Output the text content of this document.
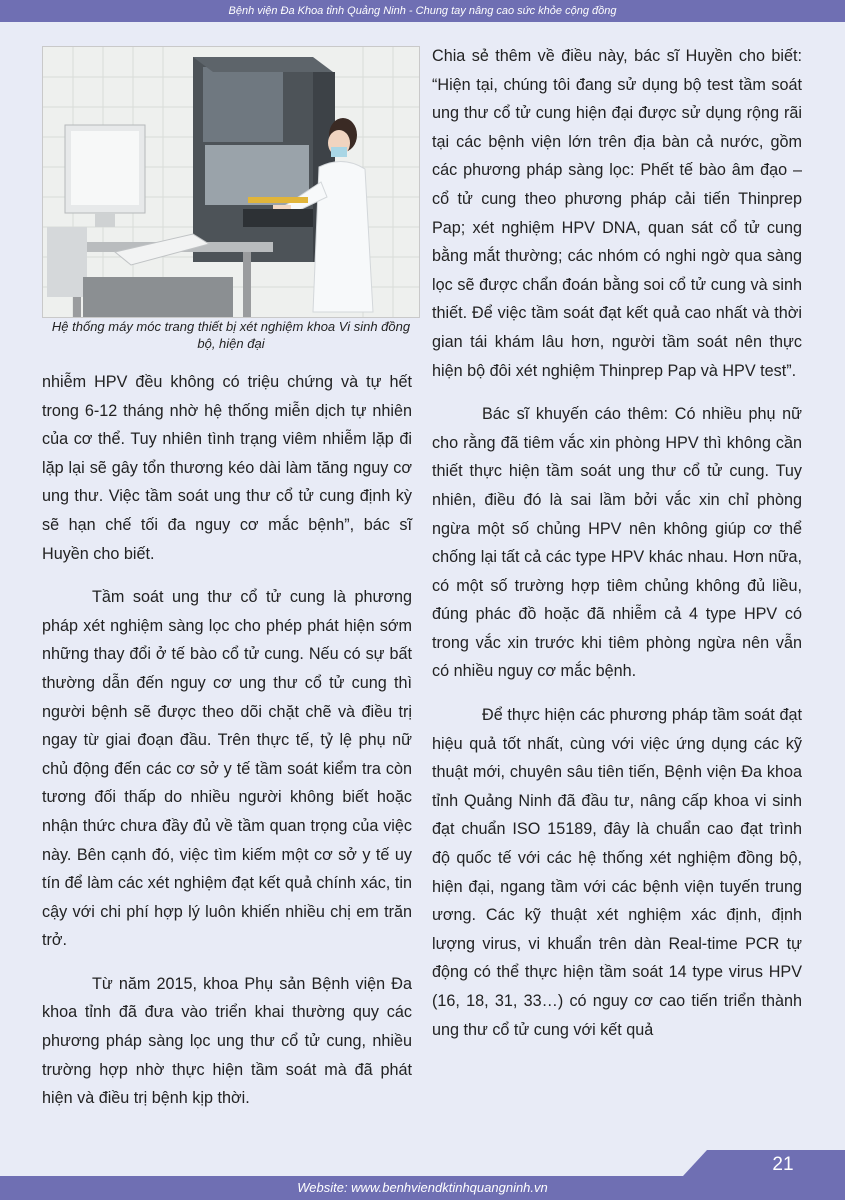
Bệnh viện Đa Khoa tỉnh Quảng Ninh - Chung tay nâng cao sức khỏe cộng đồng
Hệ thống máy móc trang thiết bị xét nghiệm khoa Vi sinh đồng bộ, hiện đại

nhiễm HPV đều không có triệu chứng và tự hết trong 6-12 tháng nhờ hệ thống miễn dịch tự nhiên của cơ thể. Tuy nhiên tình trạng viêm nhiễm lặp đi lặp lại sẽ gây tổn thương kéo dài làm tăng nguy cơ ung thư. Việc tầm soát ung thư cổ tử cung định kỳ sẽ hạn chế tối đa nguy cơ mắc bệnh”, bác sĩ Huyền cho biết.

Tầm soát ung thư cổ tử cung là phương pháp xét nghiệm sàng lọc cho phép phát hiện sớm những thay đổi ở tế bào cổ tử cung. Nếu có sự bất thường dẫn đến nguy cơ ung thư cổ tử cung thì người bệnh sẽ được theo dõi chặt chẽ và điều trị ngay từ giai đoạn đầu. Trên thực tế, tỷ lệ phụ nữ chủ động đến các cơ sở y tế tầm soát kiểm tra còn tương đối thấp do nhiều người không biết hoặc nhận thức chưa đầy đủ về tầm quan trọng của việc này. Bên cạnh đó, việc tìm kiếm một cơ sở y tế uy tín để làm các xét nghiệm đạt kết quả chính xác, tin cậy với chi phí hợp lý luôn khiến nhiều chị em trăn trở.

Từ năm 2015, khoa Phụ sản Bệnh viện Đa khoa tỉnh đã đưa vào triển khai thường quy các phương pháp sàng lọc ung thư cổ tử cung, nhiều trường hợp nhờ thực hiện tầm soát mà đã phát hiện và điều trị bệnh kịp thời.

Chia sẻ thêm về điều này, bác sĩ Huyền cho biết: “Hiện tại, chúng tôi đang sử dụng bộ test tầm soát ung thư cổ tử cung hiện đại được sử dụng rộng rãi tại các bệnh viện lớn trên địa bàn cả nước, gồm các phương pháp sàng lọc: Phết tế bào âm đạo – cổ tử cung theo phương pháp cải tiến Thinprep Pap; xét nghiệm HPV DNA, quan sát cổ tử cung bằng mắt thường; các nhóm có nghi ngờ qua sàng lọc sẽ được chẩn đoán bằng soi cổ tử cung và sinh thiết. Để việc tầm soát đạt kết quả cao nhất và thời gian tái khám lâu hơn, người tầm soát nên thực hiện bộ đôi xét nghiệm Thinprep Pap và HPV test”.

Bác sĩ khuyến cáo thêm: Có nhiều phụ nữ cho rằng đã tiêm vắc xin phòng HPV thì không cần thiết thực hiện tầm soát ung thư cổ tử cung. Tuy nhiên, điều đó là sai lầm bởi vắc xin chỉ phòng ngừa một số chủng HPV nên không giúp cơ thể chống lại tất cả các type HPV khác nhau. Hơn nữa, có một số trường hợp tiêm chủng không đủ liều, đúng phác đồ hoặc đã nhiễm cả 4 type HPV có trong vắc xin trước khi tiêm phòng ngừa nên vẫn có nhiều nguy cơ mắc bệnh.

Để thực hiện các phương pháp tầm soát đạt hiệu quả tốt nhất, cùng với việc ứng dụng các kỹ thuật mới, chuyên sâu tiên tiến, Bệnh viện Đa khoa tỉnh Quảng Ninh đã đầu tư, nâng cấp khoa vi sinh đạt chuẩn ISO 15189, đây là chuẩn cao đạt trình độ quốc tế với các hệ thống xét nghiệm đồng bộ, hiện đại, ngang tầm với các bệnh viện tuyến trung ương. Các kỹ thuật xét nghiệm xác định, định lượng virus, vi khuẩn trên dàn Real-time PCR tự động có thể thực hiện tầm soát 14 type virus HPV (16, 18, 31, 33…) có nguy cơ cao tiến triển thành ung thư cổ tử cung với kết quả

21
Website: www.benhviendktinhquangninh.vn
